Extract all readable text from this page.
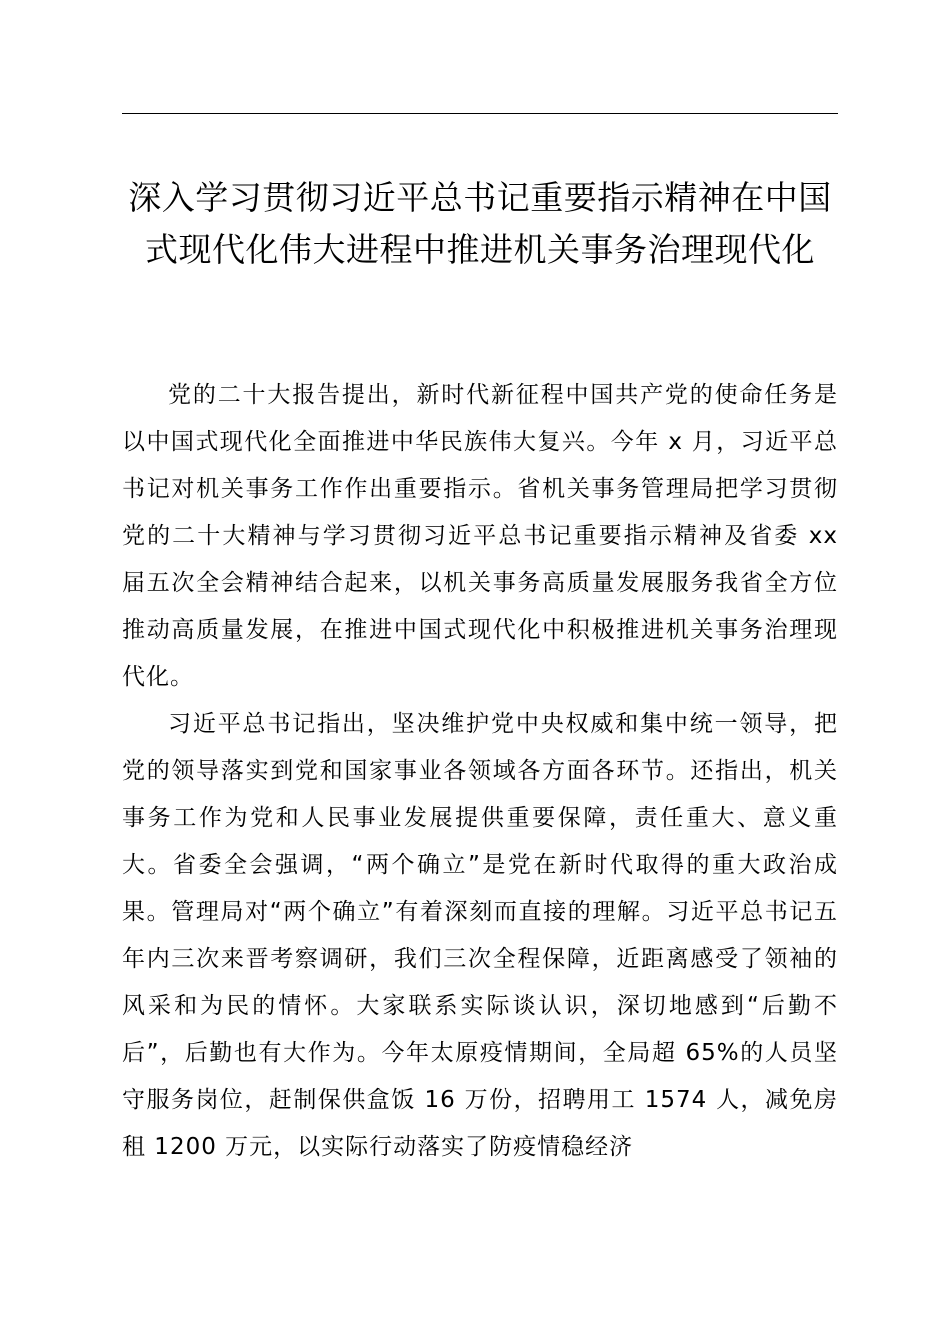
深入学习贯彻习近平总书记重要指示精神在中国式现代化伟大进程中推进机关事务治理现代化

党的二十大报告提出，新时代新征程中国共产党的使命任务是以中国式现代化全面推进中华民族伟大复兴。今年 x 月，习近平总书记对机关事务工作作出重要指示。省机关事务管理局把学习贯彻党的二十大精神与学习贯彻习近平总书记重要指示精神及省委 xx 届五次全会精神结合起来，以机关事务高质量发展服务我省全方位推动高质量发展，在推进中国式现代化中积极推进机关事务治理现代化。

习近平总书记指出，坚决维护党中央权威和集中统一领导，把党的领导落实到党和国家事业各领域各方面各环节。还指出，机关事务工作为党和人民事业发展提供重要保障，责任重大、意义重大。省委全会强调，“两个确立”是党在新时代取得的重大政治成果。管理局对“两个确立”有着深刻而直接的理解。习近平总书记五年内三次来晋考察调研，我们三次全程保障，近距离感受了领袖的风采和为民的情怀。大家联系实际谈认识，深切地感到“后勤不后”，后勤也有大作为。今年太原疫情期间，全局超 65%的人员坚守服务岗位，赶制保供盒饭 16 万份，招聘用工 1574 人，减免房租 1200 万元，以实际行动落实了防疫情稳经济
